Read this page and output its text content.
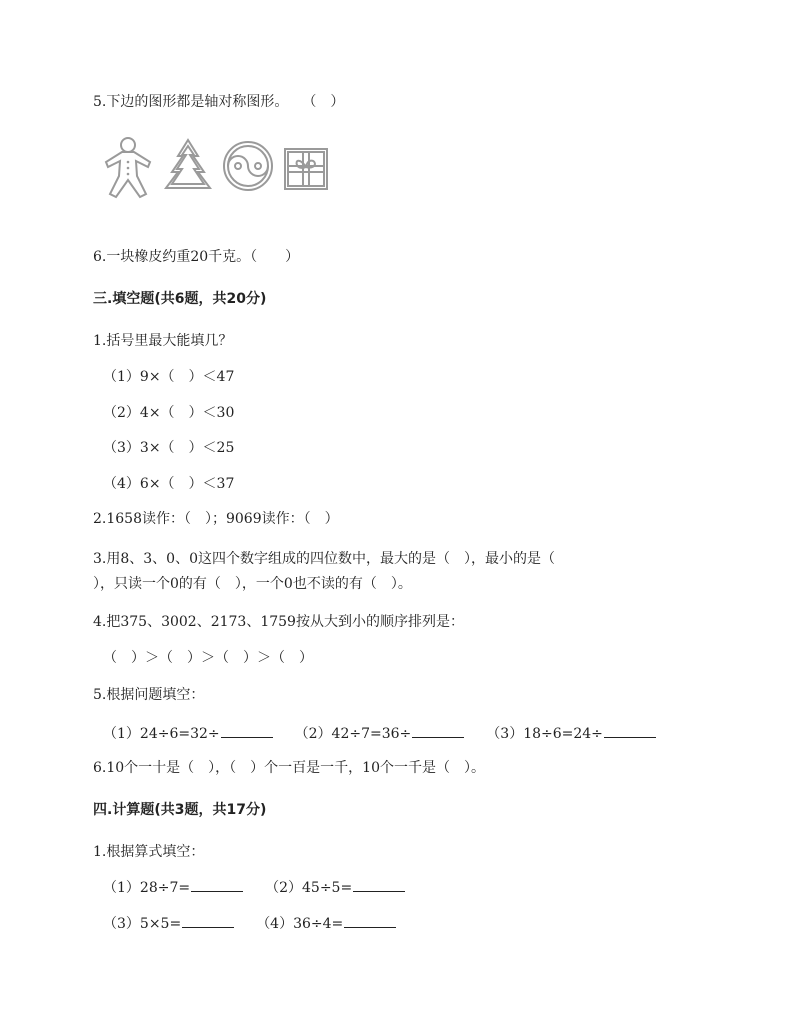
5.下边的图形都是轴对称图形。　　（　）
6.一块橡皮约重20千克。（　　）
三.填空题(共6题，共20分)
1.括号里最大能填几？
（1）9×（　）＜47
（2）4×（　）＜30
（3）3×（　）＜25
（4）6×（　）＜37
2.1658读作：（　）；9069读作：（　）
3.用8、3、0、0这四个数字组成的四位数中，最大的是（　），最小的是（
），只读一个0的有（　），一个0也不读的有（　）。
4.把375、3002、2173、1759按从大到小的顺序排列是：
（　）＞（　）＞（　）＞（　）
5.根据问题填空：
（1）24÷6=32÷	（2）42÷7=36÷	（3）18÷6=24÷
6.10个一十是（　），（　）个一百是一千，10个一千是（　）。
四.计算题(共3题，共17分)
1.根据算式填空：
（1）28÷7=	（2）45÷5=
（3）5×5=	（4）36÷4=
